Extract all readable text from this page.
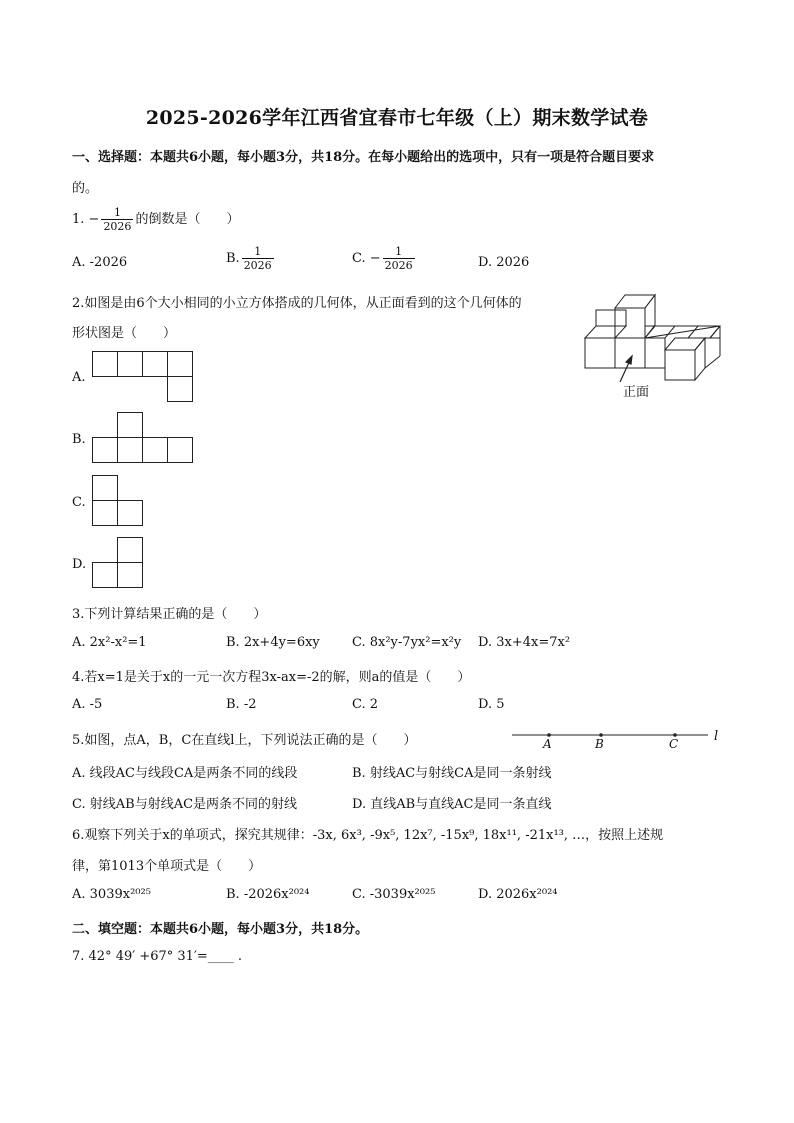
2025-2026学年江西省宜春市七年级（上）期末数学试卷
一、选择题：本题共6小题，每小题3分，共18分。在每小题给出的选项中，只有一项是符合题目要求
的。
1. − $\frac{1}{2026}$ 的倒数是（　　）
A. -2026	B. $\frac{1}{2026}$	C. − $\frac{1}{2026}$	D. 2026
2.如图是由6个大小相同的小立方体搭成的几何体，从正面看到的这个几何体的
形状图是（　　）
正面
A.
B.
C.
D.
3.下列计算结果正确的是（　　）
A. 2x²-x²=1	B. 2x+4y=6xy C. 8x²y-7yx²=x²y D. 3x+4x=7x²
4.若x=1是关于x的一元一次方程3x-ax=-2的解，则a的值是（　　）
A. -5	B. -2	C. 2	D. 5
5.如图，点A，B，C在直线l上，下列说法正确的是（　　）	A	B	C	l
A. 线段AC与线段CA是两条不同的线段	B. 射线AC与射线CA是同一条射线
C. 射线AB与射线AC是两条不同的射线	D. 直线AB与直线AC是同一条直线
6.观察下列关于x的单项式，探究其规律：-3x, 6x³, -9x⁵, 12x⁷, -15x⁹, 18x¹¹, -21x¹³, …，按照上述规
律，第1013个单项式是（　　）
A. 3039x²⁰²⁵	B. -2026x²⁰²⁴	C. -3039x²⁰²⁵	D. 2026x²⁰²⁴
二、填空题：本题共6小题，每小题3分，共18分。
7. 42° 49′ +67° 31′=____ .
